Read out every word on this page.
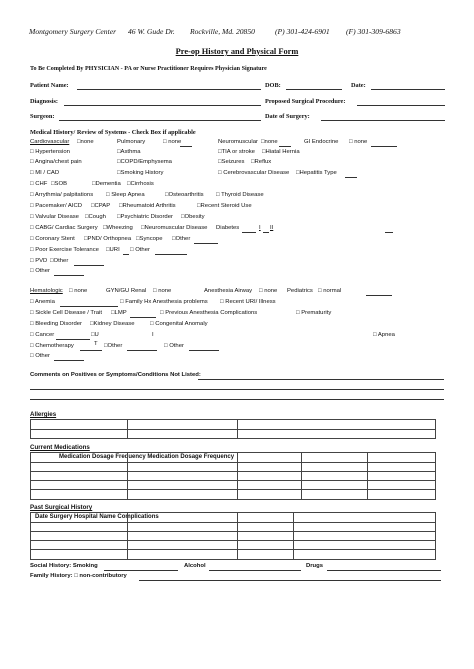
Montgomery Surgery Center 46 W. Gude Dr. Rockville, Md. 20850	(P) 301-424-6901 (F) 301-309-6863
Pre-op History and Physical Form
To Be Completed By PHYSICIAN - PA or Nurse Practitioner Requires Physician Signature
Patient Name:	DOB:	Date:
Diagnosis:	Proposed Surgical Procedure:
Surgeon:	Date of Surgery:
Medical History/ Review of Systems - Check Box if applicable
Cardiovascular □none	Pulmonary	□ none	Neuromuscular □none	GI Endocrine □ none
□ Hypertension	□Asthma	□TIA or stroke □Hiatal Hernia
□ Angina/chest pain	□COPD/Emphysema	□Seizures □Reflux
□ MI / CAD	□Smoking History	□ Cerebrovascular Disease □Hepatitis Type
□ CHF □SOB	□Dementia □Cirrhosis
□ Arrythmia/ palpitations □ Sleep Apnea	□Osteoarthritis □ Thyroid Disease
□ Pacemaker/ AICD □CPAP □Rheumatoid Arthritis	□Recent Steroid Use
□ Valvular Disease □Cough □Psychiatric Disorder □Obesity
□ CABG/ Cardiac Surgery □Wheezing □Neuromuscular Disease Diabetes	I II
□ Coronary Stent □PND/ Orthopnea □Syncope □Other
□ Poor Exercise Tolerance □URI □ Other
□ PVD □Other
□ Other
Hematologic □ none	GYN/GU Renal □ none	Anesthesia Airway □ none Pediatrics □ normal
□ Anemia	□ Family Hx Anesthesia problems □ Recent URI/ Illness
□ Sickle Cell Disease / Trait □LMP	□ Previous Anesthesia Complications	□ Prematurity
□ Bleeding Disorder □Kidney Disease	□ Congenital Anomaly
□ Cancer	□U
T
I	□ Apnea
□ Chemotherapy	□Other	□ Other
□ Other
Comments on Positives or Symptoms/Conditions Not Listed:
Allergies
Current Medications
Medication Dosage Frequency Medication Dosage Frequency
Past Surgical History
Date Surgery Hospital Name Complications
Social History: Smoking	Alcohol	Drugs
Family History: □ non-contributory
